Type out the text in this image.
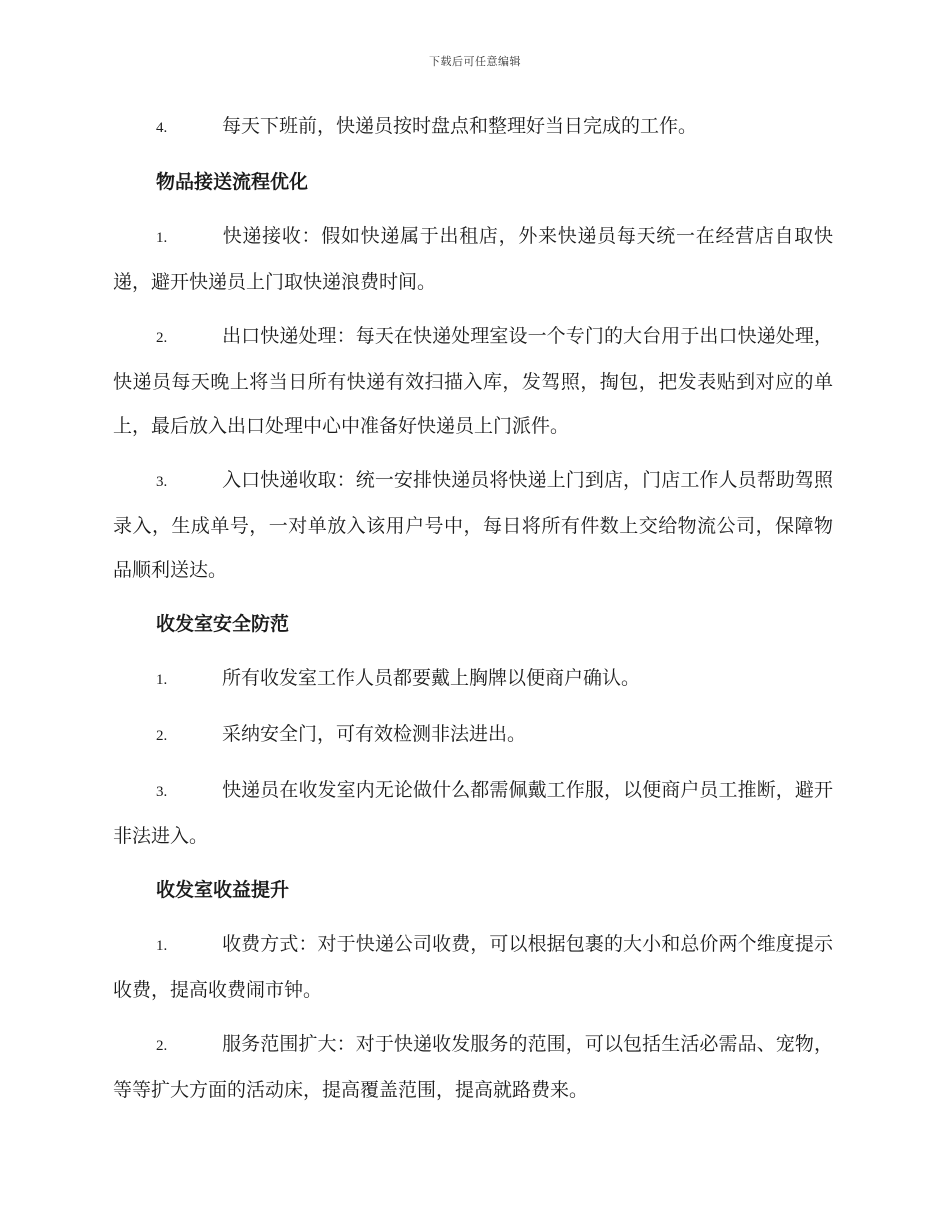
下载后可任意编辑

4.	每天下班前，快递员按时盘点和整理好当日完成的工作。

物品接送流程优化

1.	快递接收：假如快递属于出租店，外来快递员每天统一在经营店自取快递，避开快递员上门取快递浪费时间。

2.	出口快递处理：每天在快递处理室设一个专门的大台用于出口快递处理，快递员每天晚上将当日所有快递有效扫描入库，发驾照，掏包，把发表贴到对应的单上，最后放入出口处理中心中准备好快递员上门派件。

3.	入口快递收取：统一安排快递员将快递上门到店，门店工作人员帮助驾照录入，生成单号，一对单放入该用户号中，每日将所有件数上交给物流公司，保障物品顺利送达。

收发室安全防范

1.	所有收发室工作人员都要戴上胸牌以便商户确认。

2.	采纳安全门，可有效检测非法进出。

3.	快递员在收发室内无论做什么都需佩戴工作服，以便商户员工推断，避开非法进入。

收发室收益提升

1.	收费方式：对于快递公司收费，可以根据包裹的大小和总价两个维度提示收费，提高收费闹市钟。

2.	服务范围扩大：对于快递收发服务的范围，可以包括生活必需品、宠物，等等扩大方面的活动床，提高覆盖范围，提高就路费来。
